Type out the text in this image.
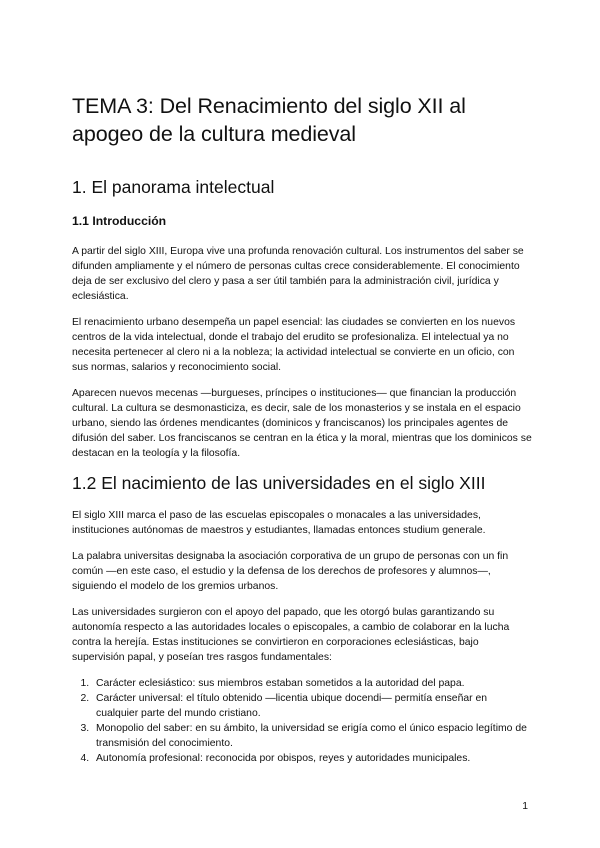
TEMA 3: Del Renacimiento del siglo XII al apogeo de la cultura medieval
1. El panorama intelectual
1.1 Introducción

A partir del siglo XIII, Europa vive una profunda renovación cultural. Los instrumentos del saber se difunden ampliamente y el número de personas cultas crece considerablemente. El conocimiento deja de ser exclusivo del clero y pasa a ser útil también para la administración civil, jurídica y eclesiástica.

El renacimiento urbano desempeña un papel esencial: las ciudades se convierten en los nuevos centros de la vida intelectual, donde el trabajo del erudito se profesionaliza. El intelectual ya no necesita pertenecer al clero ni a la nobleza; la actividad intelectual se convierte en un oficio, con sus normas, salarios y reconocimiento social.

Aparecen nuevos mecenas —burgueses, príncipes o instituciones— que financian la producción cultural. La cultura se desmonasticiza, es decir, sale de los monasterios y se instala en el espacio urbano, siendo las órdenes mendicantes (dominicos y franciscanos) los principales agentes de difusión del saber. Los franciscanos se centran en la ética y la moral, mientras que los dominicos se destacan en la teología y la filosofía.

1.2 El nacimiento de las universidades en el siglo XIII

El siglo XIII marca el paso de las escuelas episcopales o monacales a las universidades, instituciones autónomas de maestros y estudiantes, llamadas entonces studium generale.

La palabra universitas designaba la asociación corporativa de un grupo de personas con un fin común —en este caso, el estudio y la defensa de los derechos de profesores y alumnos—, siguiendo el modelo de los gremios urbanos.

Las universidades surgieron con el apoyo del papado, que les otorgó bulas garantizando su autonomía respecto a las autoridades locales o episcopales, a cambio de colaborar en la lucha contra la herejía. Estas instituciones se convirtieron en corporaciones eclesiásticas, bajo supervisión papal, y poseían tres rasgos fundamentales:

1. Carácter eclesiástico: sus miembros estaban sometidos a la autoridad del papa.
2. Carácter universal: el título obtenido —licentia ubique docendi— permitía enseñar en cualquier parte del mundo cristiano.
3. Monopolio del saber: en su ámbito, la universidad se erigía como el único espacio legítimo de transmisión del conocimiento.
4. Autonomía profesional: reconocida por obispos, reyes y autoridades municipales.
1
